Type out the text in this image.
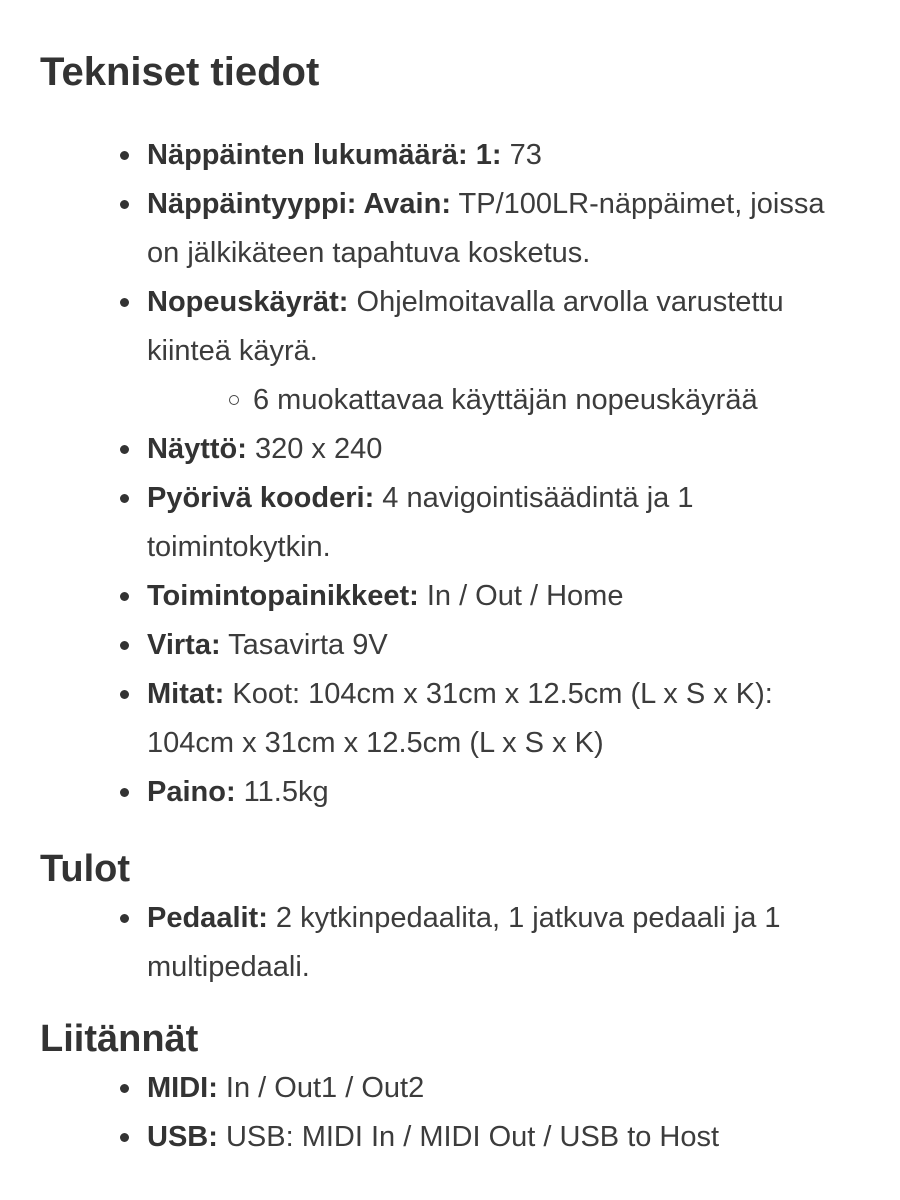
Tekniset tiedot
Näppäinten lukumäärä: 1: 73
Näppäintyyppi: Avain: TP/100LR-näppäimet, joissa on jälkikäteen tapahtuva kosketus.
Nopeuskäyrät: Ohjelmoitavalla arvolla varustettu kiinteä käyrä.
6 muokattavaa käyttäjän nopeuskäyrää
Näyttö: 320 x 240
Pyörivä kooderi: 4 navigointisäädintä ja 1 toimintokytkin.
Toimintopainikkeet: In / Out / Home
Virta: Tasavirta 9V
Mitat: Koot: 104cm x 31cm x 12.5cm (L x S x K): 104cm x 31cm x 12.5cm (L x S x K)
Paino: 11.5kg
Tulot
Pedaalit: 2 kytkinpedaalita, 1 jatkuva pedaali ja 1 multipedaali.
Liitännät
MIDI: In / Out1 / Out2
USB: USB: MIDI In / MIDI Out / USB to Host
